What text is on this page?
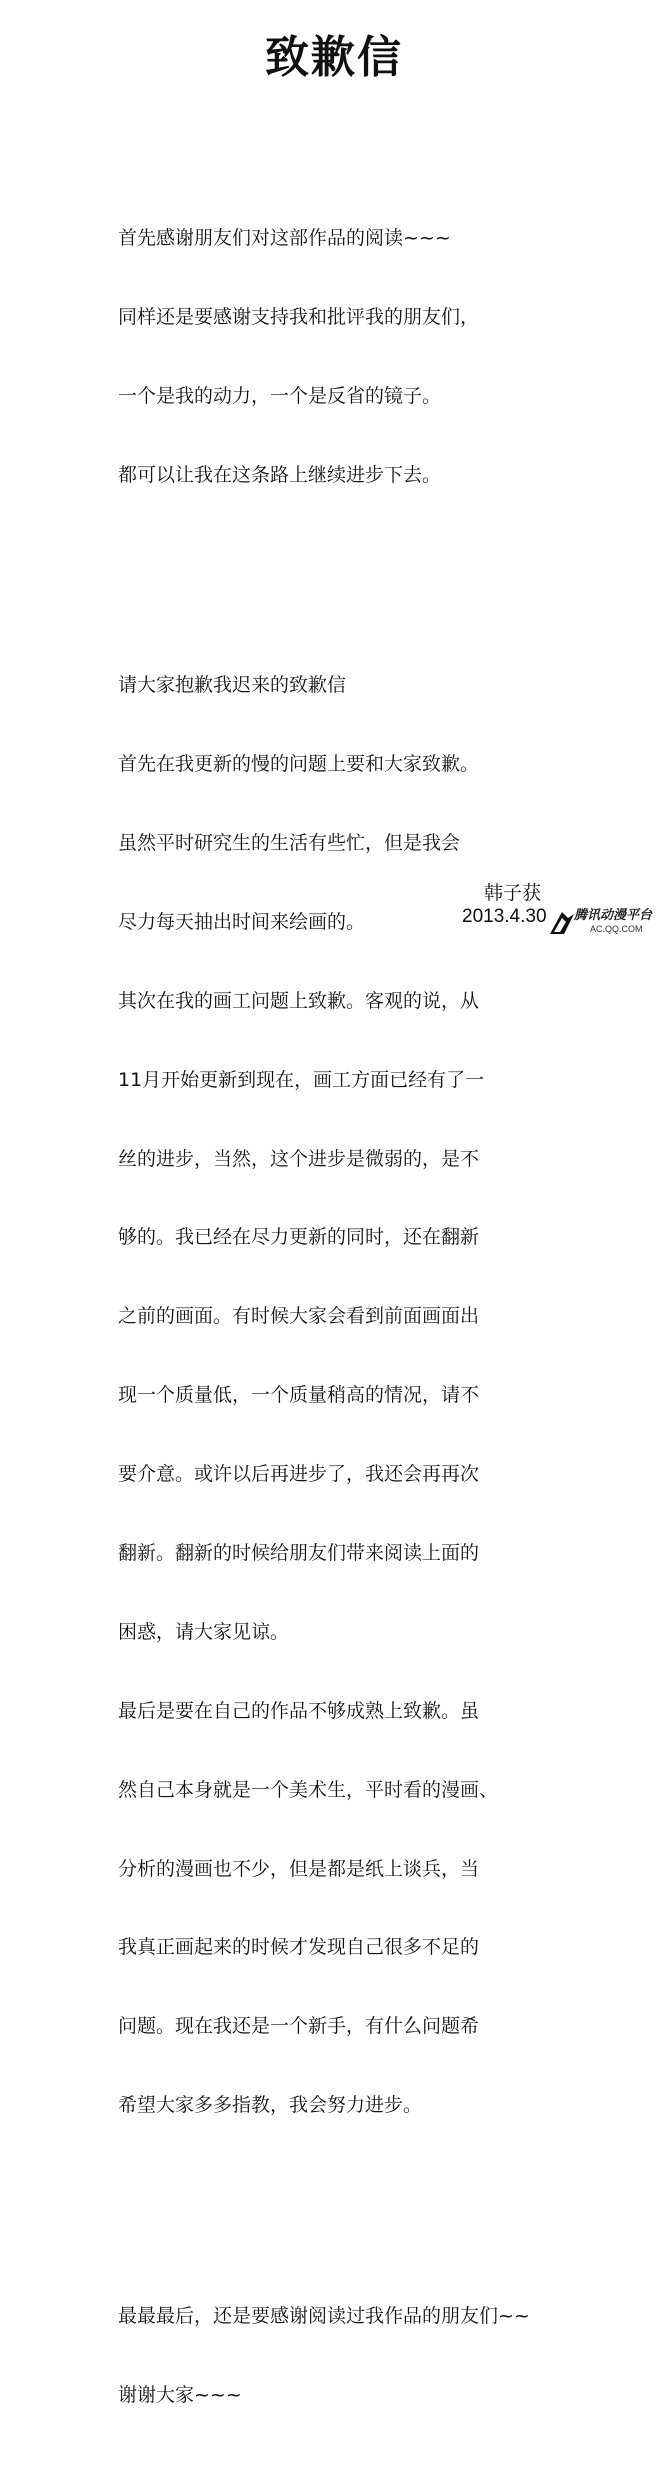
致歉信

首先感谢朋友们对这部作品的阅读~~~

同样还是要感谢支持我和批评我的朋友们，

一个是我的动力，一个是反省的镜子。

都可以让我在这条路上继续进步下去。

请大家抱歉我迟来的致歉信

首先在我更新的慢的问题上要和大家致歉。

虽然平时研究生的生活有些忙，但是我会

尽力每天抽出时间来绘画的。

其次在我的画工问题上致歉。客观的说，从

11月开始更新到现在，画工方面已经有了一

丝的进步，当然，这个进步是微弱的，是不

够的。我已经在尽力更新的同时，还在翻新

之前的画面。有时候大家会看到前面画面出

现一个质量低，一个质量稍高的情况，请不

要介意。或许以后再进步了，我还会再再次

翻新。翻新的时候给朋友们带来阅读上面的

困惑，请大家见谅。

最后是要在自己的作品不够成熟上致歉。虽

然自己本身就是一个美术生，平时看的漫画、

分析的漫画也不少，但是都是纸上谈兵，当

我真正画起来的时候才发现自己很多不足的

问题。现在我还是一个新手，有什么问题希

希望大家多多指教，我会努力进步。

最最最后，还是要感谢阅读过我作品的朋友们~~

谢谢大家~~~

韩子获
2013.4.30 腾讯动漫平台
AC.QQ.COM
